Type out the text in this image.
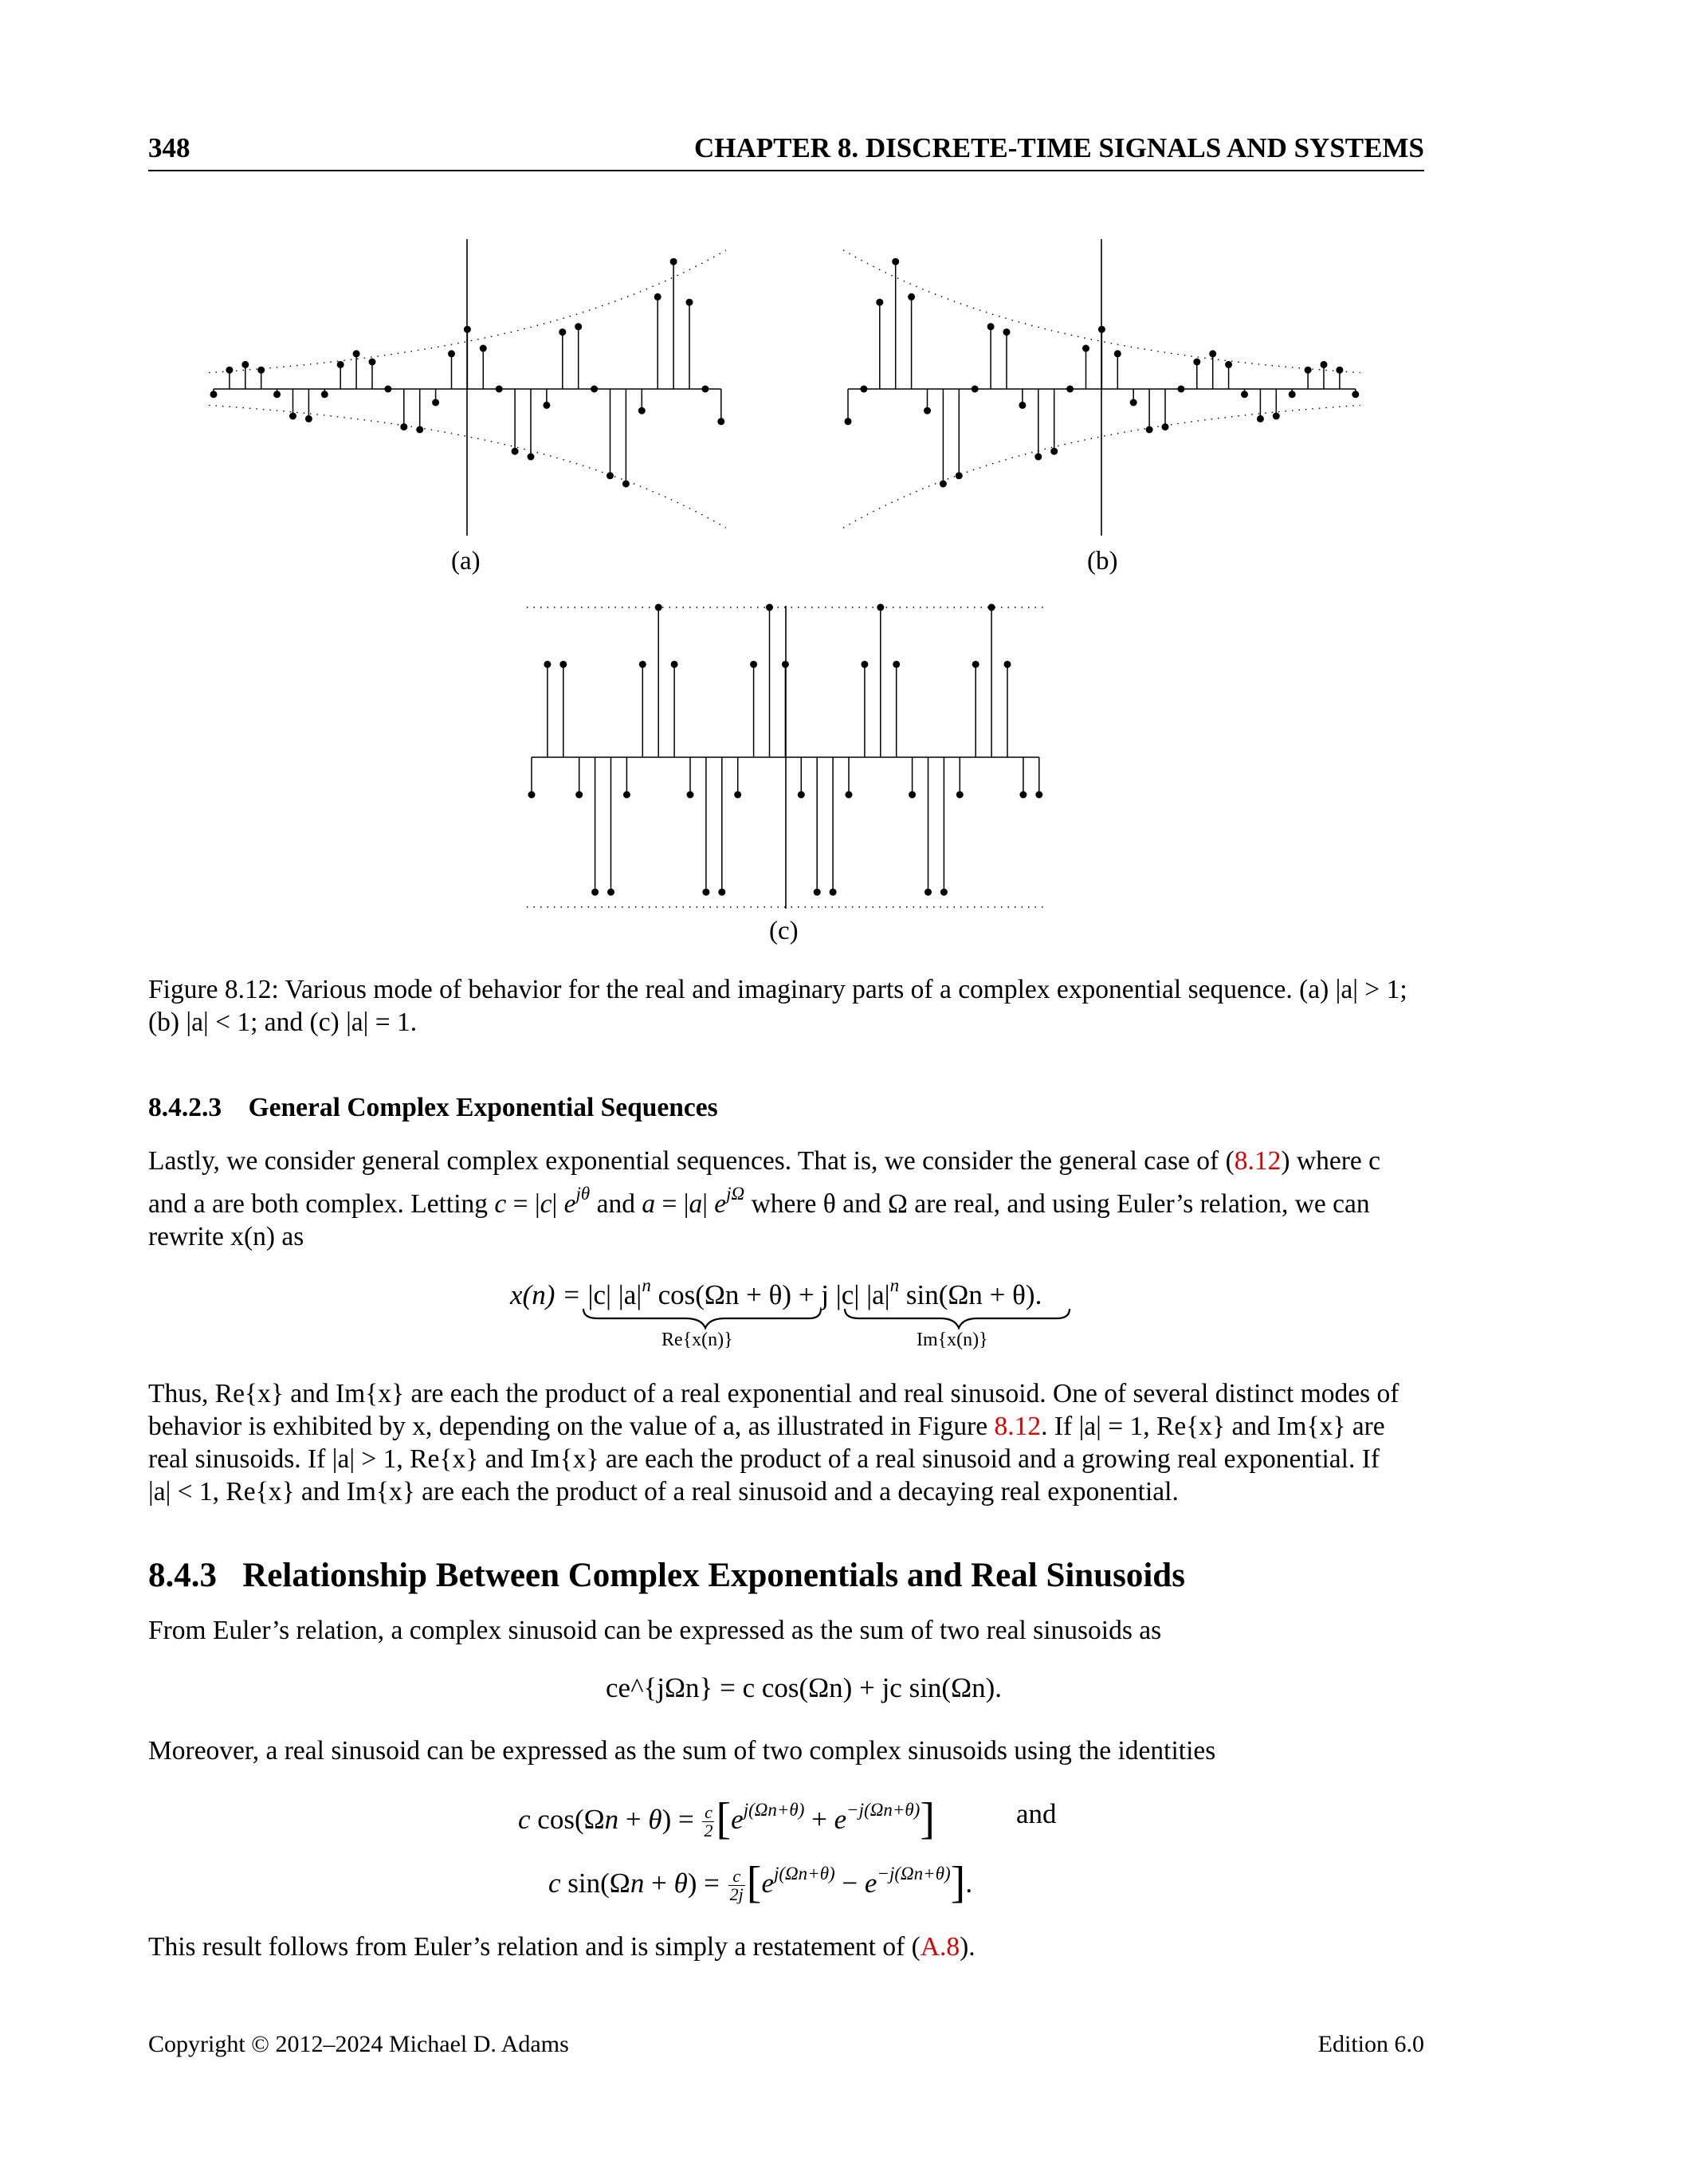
348	CHAPTER 8. DISCRETE-TIME SIGNALS AND SYSTEMS
(a)	(b)
(c)
Figure 8.12: Various mode of behavior for the real and imaginary parts of a complex exponential sequence. (a) |a| > 1;
(b) |a| < 1; and (c) |a| = 1.
8.4.2.3 General Complex Exponential Sequences
Lastly, we consider general complex exponential sequences. That is, we consider the general case of (8.12) where c
and a are both complex. Letting c = |c| $e^{j\theta}$ and a = |a| $e^{j\Omega}$ where θ and Ω are real, and using Euler’s relation, we can
rewrite x(n) as
x(n) = |c| $|a|^n$ cos(Ωn + θ) + j |c| $|a|^n$ sin(Ωn + θ).
Re{x(n)}	Im{x(n)}
Thus, Re{x} and Im{x} are each the product of a real exponential and real sinusoid. One of several distinct modes of
behavior is exhibited by x, depending on the value of a, as illustrated in Figure 8.12. If |a| = 1, Re{x} and Im{x} are
real sinusoids. If |a| > 1, Re{x} and Im{x} are each the product of a real sinusoid and a growing real exponential. If
|a| < 1, Re{x} and Im{x} are each the product of a real sinusoid and a decaying real exponential.
8.4.3 Relationship Between Complex Exponentials and Real Sinusoids
From Euler’s relation, a complex sinusoid can be expressed as the sum of two real sinusoids as
ce^{jΩn} = c cos(Ωn) + jc sin(Ωn).
Moreover, a real sinusoid can be expressed as the sum of two complex sinusoids using the identities
c $\cos(\Omega n + \theta) = \frac{c}{2} [e^{j(\Omega n+\theta)} + e^{-j(\Omega n+\theta)}]$	and
c $\sin(\Omega n + \theta) = \frac{c}{2j} [e^{j(\Omega n+\theta)} - e^{-j(\Omega n+\theta)}]$.
This result follows from Euler’s relation and is simply a restatement of (A.8).
Copyright © 2012–2024 Michael D. Adams	Edition 6.0
